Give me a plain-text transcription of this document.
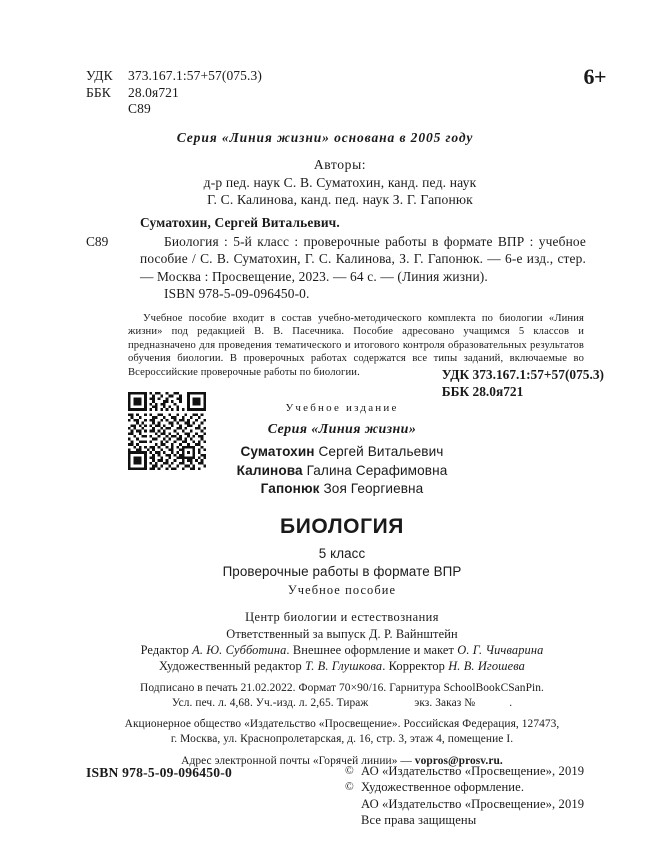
УДК	373.167.1:57+57(075.3)
ББК	28.0я721
С89
6+
Серия «Линия жизни» основана в 2005 году
Авторы:
д-р пед. наук С. В. Суматохин, канд. пед. наук
Г. С. Калинова, канд. пед. наук З. Г. Гапонюк
Суматохин, Сергей Витальевич.
С89	Биология : 5-й класс : проверочные работы в формате ВПР : учебное пособие / С. В. Суматохин, Г. С. Калинова, З. Г. Гапонюк. — 6-е изд., стер. — Москва : Просвещение, 2023. — 64 с. — (Линия жизни).
ISBN 978-5-09-096450-0.
Учебное пособие входит в состав учебно-методического комплекта по биологии «Линия жизни» под редакцией В. В. Пасечника. Пособие адресовано учащимся 5 классов и предназначено для проведения тематического и итогового контроля образовательных результатов обучения биологии. В проверочных работах содержатся все типы заданий, включаемые во Всероссийские проверочные работы по биологии.	УДК 373.167.1:57+57(075.3)
ББК 28.0я721
Учебное издание
Серия «Линия жизни»
Суматохин Сергей Витальевич
Калинова Галина Серафимовна
Гапонюк Зоя Георгиевна
БИОЛОГИЯ
5 класс
Проверочные работы в формате ВПР
Учебное пособие
Центр биологии и естествознания
Ответственный за выпуск Д. Р. Вайнштейн
Редактор А. Ю. Субботина. Внешнее оформление и макет О. Г. Чичварина
Художественный редактор Т. В. Глушкова. Корректор Н. В. Игошева
Подписано в печать 21.02.2022. Формат 70×90/16. Гарнитура SchoolBookCSanPin.
Усл. печ. л. 4,68. Уч.-изд. л. 2,65. Тираж	экз. Заказ №	.
Акционерное общество «Издательство «Просвещение». Российская Федерация, 127473,
г. Москва, ул. Краснопролетарская, д. 16, стр. 3, этаж 4, помещение I.
Адрес электронной почты «Горячей линии» — vopros@prosv.ru.
ISBN 978-5-09-096450-0	© АО «Издательство «Просвещение», 2019
© Художественное оформление.
АО «Издательство «Просвещение», 2019
Все права защищены
